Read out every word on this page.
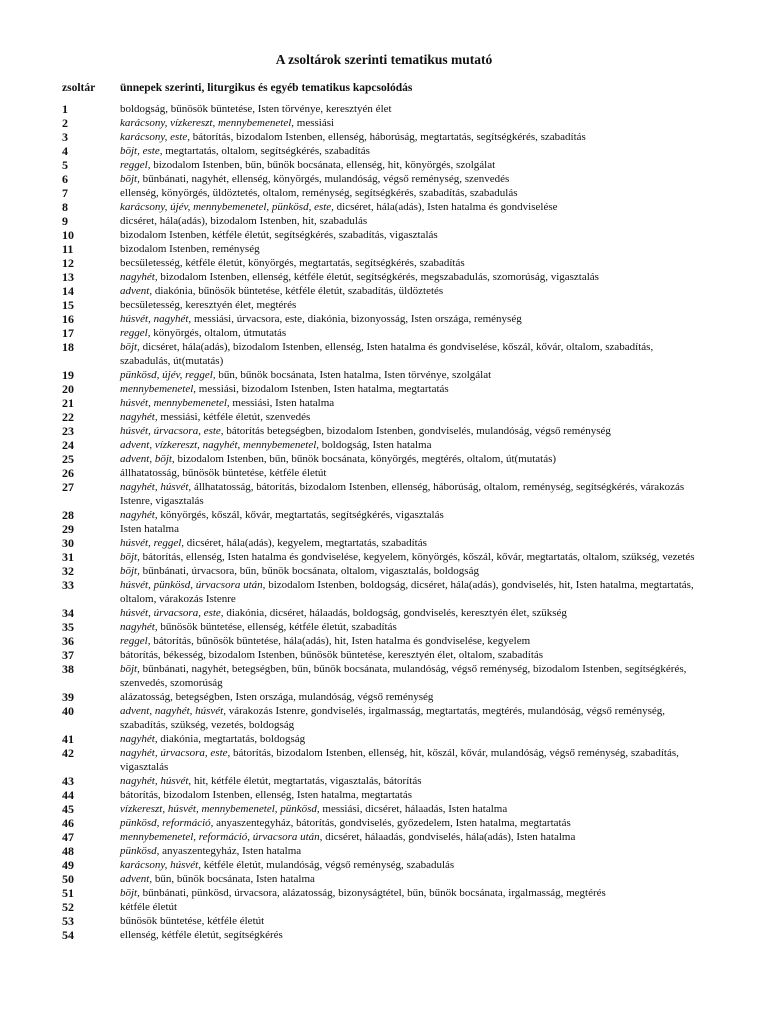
A zsoltárok szerinti tematikus mutató
zsoltár ünnepek szerinti, liturgikus és egyéb tematikus kapcsolódás
1	boldogság, bűnösök büntetése, Isten törvénye, keresztyén élet
2	karácsony, vízkereszt, mennybemenetel, messiási
3	karácsony, este, bátorítás, bizodalom Istenben, ellenség, háborúság, megtartatás, segítségkérés, szabadítás
4	böjt, este, megtartatás, oltalom, segítségkérés, szabadítás
5	reggel, bizodalom Istenben, bűn, bűnök bocsánata, ellenség, hit, könyörgés, szolgálat
6	böjt, bűnbánati, nagyhét, ellenség, könyörgés, mulandóság, végső reménység, szenvedés
7	ellenség, könyörgés, üldöztetés, oltalom, reménység, segítségkérés, szabadítás, szabadulás
8	karácsony, újév, mennybemenetel, pünkösd, este, dicséret, hála(adás), Isten hatalma és gondviselése
9	dicséret, hála(adás), bizodalom Istenben, hit, szabadulás
10	bizodalom Istenben, kétféle életút, segítségkérés, szabadítás, vigasztalás
11	bizodalom Istenben, reménység
12	becsületesség, kétféle életút, könyörgés, megtartatás, segítségkérés, szabadítás
13	nagyhét, bizodalom Istenben, ellenség, kétféle életút, segítségkérés, megszabadulás, szomorúság, vigasztalás
14	advent, diakónia, bűnösök büntetése, kétféle életút, szabadítás, üldöztetés
15	becsületesség, keresztyén élet, megtérés
16	húsvét, nagyhét, messiási, úrvacsora, este, diakónia, bizonyosság, Isten országa, reménység
17	reggel, könyörgés, oltalom, útmutatás
18	böjt, dicséret, hála(adás), bizodalom Istenben, ellenség, Isten hatalma és gondviselése, kőszál, kővár, oltalom, szabadítás, szabadulás, út(mutatás)
19	pünkösd, újév, reggel, bűn, bűnök bocsánata, Isten hatalma, Isten törvénye, szolgálat
20	mennybemenetel, messiási, bizodalom Istenben, Isten hatalma, megtartatás
21	húsvét, mennybemenetel, messiási, Isten hatalma
22	nagyhét, messiási, kétféle életút, szenvedés
23	húsvét, úrvacsora, este, bátorítás betegségben, bizodalom Istenben, gondviselés, mulandóság, végső reménység
24	advent, vízkereszt, nagyhét, mennybemenetel, boldogság, Isten hatalma
25	advent, böjt, bizodalom Istenben, bűn, bűnök bocsánata, könyörgés, megtérés, oltalom, út(mutatás)
26	állhatatosság, bűnösök büntetése, kétféle életút
27	nagyhét, húsvét, állhatatosság, bátorítás, bizodalom Istenben, ellenség, háborúság, oltalom, reménység, segítségkérés, várakozás Istenre, vigasztalás
28	nagyhét, könyörgés, kőszál, kővár, megtartatás, segítségkérés, vigasztalás
29	Isten hatalma
30	húsvét, reggel, dicséret, hála(adás), kegyelem, megtartatás, szabadítás
31	böjt, bátorítás, ellenség, Isten hatalma és gondviselése, kegyelem, könyörgés, kőszál, kővár, megtartatás, oltalom, szükség, vezetés
32	böjt, bűnbánati, úrvacsora, bűn, bűnök bocsánata, oltalom, vigasztalás, boldogság
33	húsvét, pünkösd, úrvacsora után, bizodalom Istenben, boldogság, dicséret, hála(adás), gondviselés, hit, Isten hatalma, megtartatás, oltalom, várakozás Istenre
34	húsvét, úrvacsora, este, diakónia, dicséret, hálaadás, boldogság, gondviselés, keresztyén élet, szükség
35	nagyhét, bűnösök büntetése, ellenség, kétféle életút, szabadítás
36	reggel, bátorítás, bűnösök büntetése, hála(adás), hit, Isten hatalma és gondviselése, kegyelem
37	bátorítás, békesség, bizodalom Istenben, bűnösök büntetése, keresztyén élet, oltalom, szabadítás
38	böjt, bűnbánati, nagyhét, betegségben, bűn, bűnök bocsánata, mulandóság, végső reménység, bizodalom Istenben, segítségkérés, szenvedés, szomorúság
39	alázatosság, betegségben, Isten országa, mulandóság, végső reménység
40	advent, nagyhét, húsvét, várakozás Istenre, gondviselés, irgalmasság, megtartatás, megtérés, mulandóság, végső reménység, szabadítás, szükség, vezetés, boldogság
41	nagyhét, diakónia, megtartatás, boldogság
42	nagyhét, úrvacsora, este, bátorítás, bizodalom Istenben, ellenség, hit, kőszál, kővár, mulandóság, végső reménység, szabadítás, vigasztalás
43	nagyhét, húsvét, hit, kétféle életút, megtartatás, vigasztalás, bátorítás
44	bátorítás, bizodalom Istenben, ellenség, Isten hatalma, megtartatás
45	vízkereszt, húsvét, mennybemenetel, pünkösd, messiási, dicséret, hálaadás, Isten hatalma
46	pünkösd, reformáció, anyaszentegyház, bátorítás, gondviselés, győzedelem, Isten hatalma, megtartatás
47	mennybemenetel, reformáció, úrvacsora után, dicséret, hálaadás, gondviselés, hála(adás), Isten hatalma
48	pünkösd, anyaszentegyház, Isten hatalma
49	karácsony, húsvét, kétféle életút, mulandóság, végső reménység, szabadulás
50	advent, bűn, bűnök bocsánata, Isten hatalma
51	böjt, bűnbánati, pünkösd, úrvacsora, alázatosság, bizonyságtétel, bűn, bűnök bocsánata, irgalmasság, megtérés
52	kétféle életút
53	bűnösök büntetése, kétféle életút
54	ellenség, kétféle életút, segítségkérés
